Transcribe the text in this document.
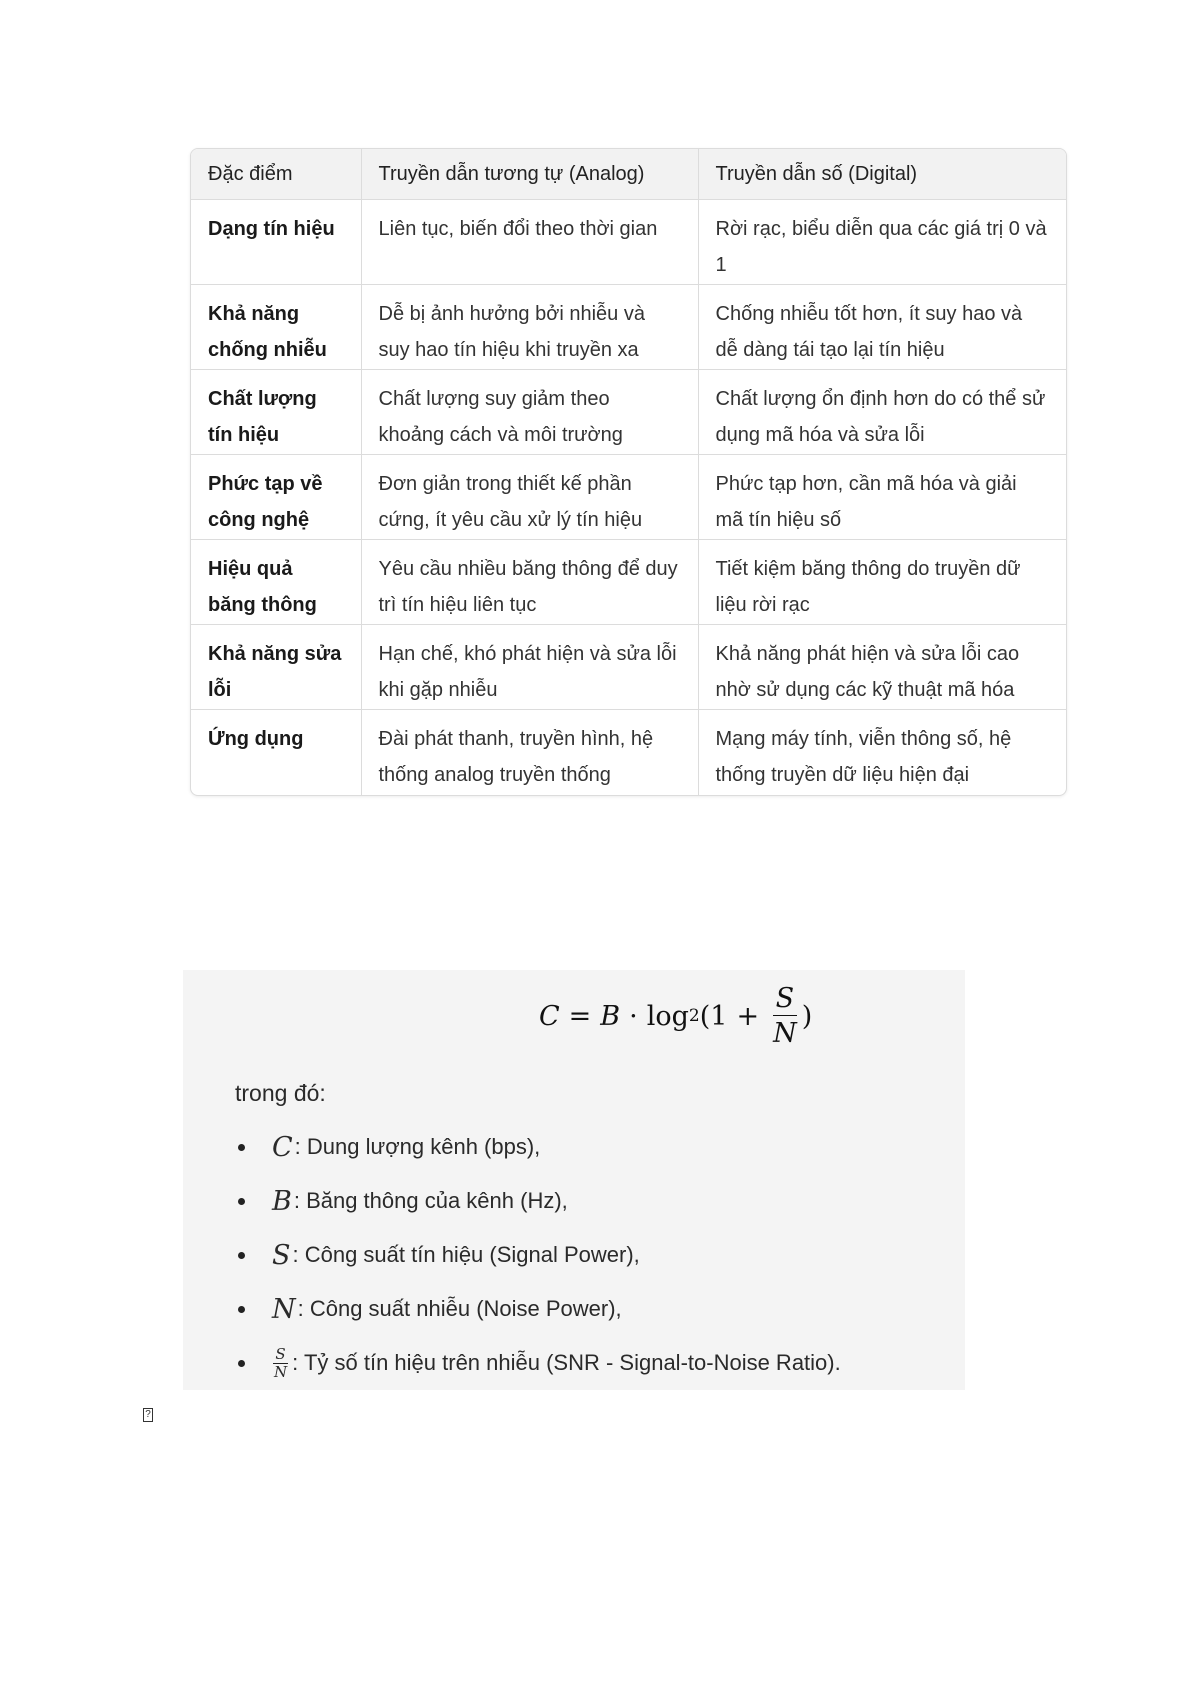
Đặc điểm	Truyền dẫn tương tự (Analog)	Truyền dẫn số (Digital)
Dạng tín hiệu	Liên tục, biến đổi theo thời gian	Rời rạc, biểu diễn qua các giá trị 0 và 1
Khả năng chống nhiễu	Dễ bị ảnh hưởng bởi nhiễu và suy hao tín hiệu khi truyền xa	Chống nhiễu tốt hơn, ít suy hao và dễ dàng tái tạo lại tín hiệu
Chất lượng tín hiệu	Chất lượng suy giảm theo khoảng cách và môi trường	Chất lượng ổn định hơn do có thể sử dụng mã hóa và sửa lỗi
Phức tạp về công nghệ	Đơn giản trong thiết kế phần cứng, ít yêu cầu xử lý tín hiệu	Phức tạp hơn, cần mã hóa và giải mã tín hiệu số
Hiệu quả băng thông	Yêu cầu nhiều băng thông để duy trì tín hiệu liên tục	Tiết kiệm băng thông do truyền dữ liệu rời rạc
Khả năng sửa lỗi	Hạn chế, khó phát hiện và sửa lỗi khi gặp nhiễu	Khả năng phát hiện và sửa lỗi cao nhờ sử dụng các kỹ thuật mã hóa
Ứng dụng	Đài phát thanh, truyền hình, hệ thống analog truyền thống	Mạng máy tính, viễn thông số, hệ thống truyền dữ liệu hiện đại
C = B · log 2 ($1 + \frac{S}{N}$ )
trong đó:
C : Dung lượng kênh (bps),
B : Băng thông của kênh (Hz),
S : Công suất tín hiệu (Signal Power),
N : Công suất nhiễu (Noise Power),
$\frac{S}{N}$ : Tỷ số tín hiệu trên nhiễu (SNR - Signal-to-Noise Ratio).
?
